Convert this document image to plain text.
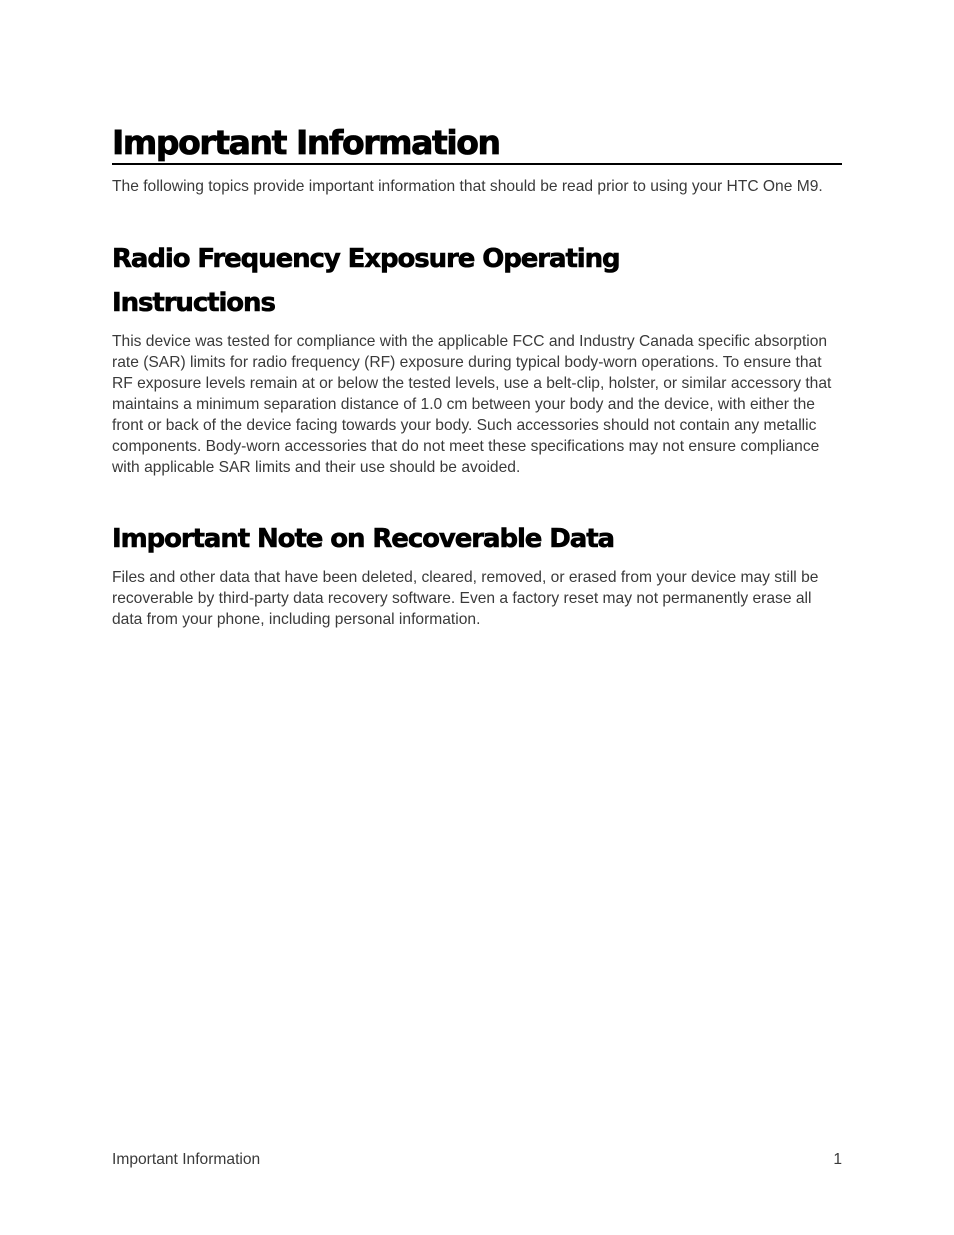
Important Information

The following topics provide important information that should be read prior to using your HTC One M9.

Radio Frequency Exposure Operating Instructions

This device was tested for compliance with the applicable FCC and Industry Canada specific absorption rate (SAR) limits for radio frequency (RF) exposure during typical body-worn operations. To ensure that RF exposure levels remain at or below the tested levels, use a belt-clip, holster, or similar accessory that maintains a minimum separation distance of 1.0 cm between your body and the device, with either the front or back of the device facing towards your body. Such accessories should not contain any metallic components. Body-worn accessories that do not meet these specifications may not ensure compliance with applicable SAR limits and their use should be avoided.

Important Note on Recoverable Data

Files and other data that have been deleted, cleared, removed, or erased from your device may still be recoverable by third-party data recovery software. Even a factory reset may not permanently erase all data from your phone, including personal information.

Important Information	1
